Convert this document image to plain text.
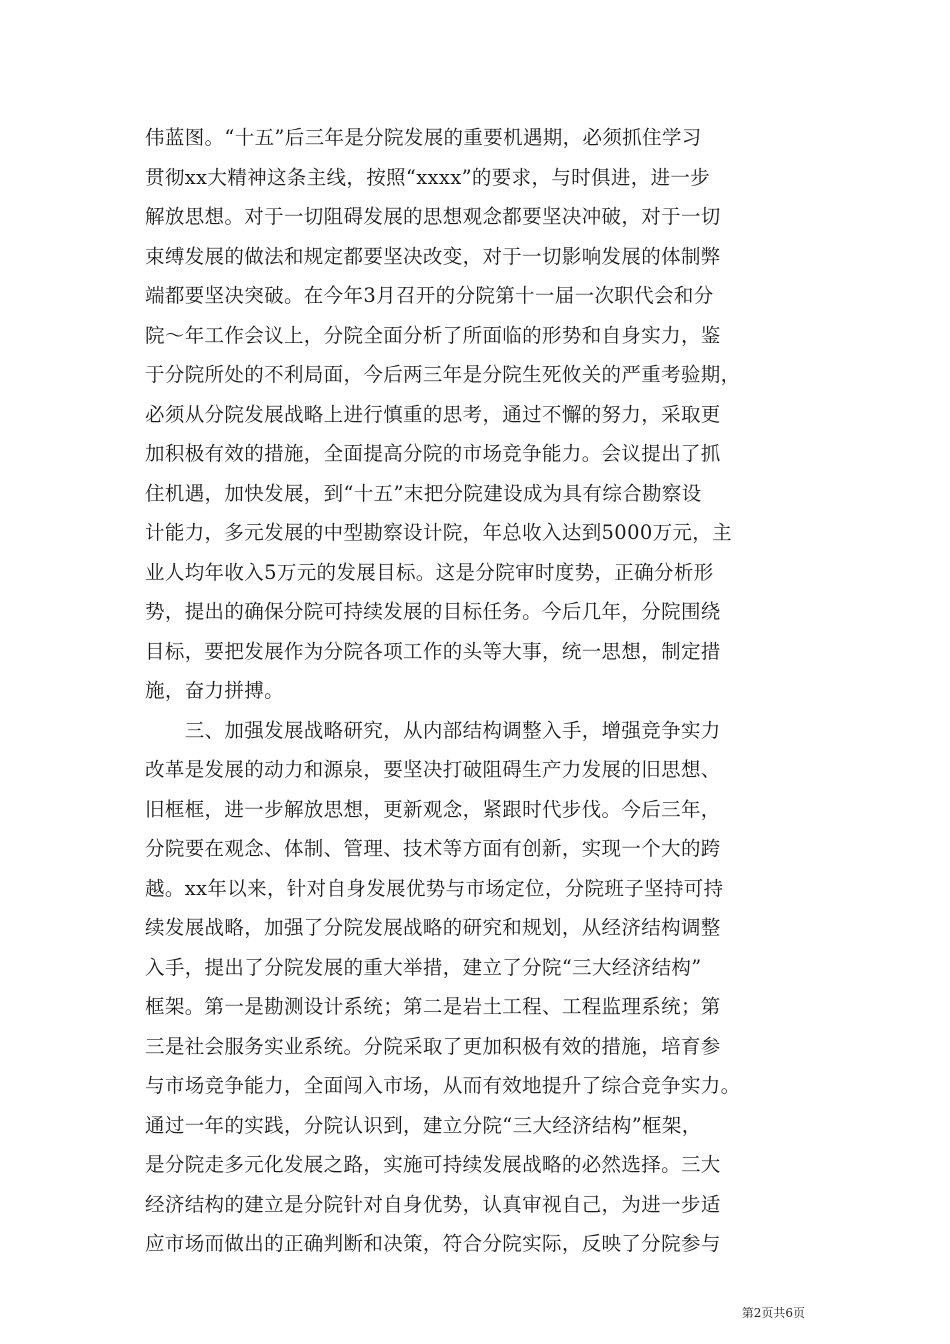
伟蓝图。“十五”后三年是分院发展的重要机遇期，必须抓住学习
贯彻xx大精神这条主线，按照“xxxx”的要求，与时俱进，进一步
解放思想。对于一切阻碍发展的思想观念都要坚决冲破，对于一切
束缚发展的做法和规定都要坚决改变，对于一切影响发展的体制弊
端都要坚决突破。在今年3月召开的分院第十一届一次职代会和分
院～年工作会议上，分院全面分析了所面临的形势和自身实力，鉴
于分院所处的不利局面，今后两三年是分院生死攸关的严重考验期，
必须从分院发展战略上进行慎重的思考，通过不懈的努力，采取更
加积极有效的措施，全面提高分院的市场竞争能力。会议提出了抓
住机遇，加快发展，到“十五”末把分院建设成为具有综合勘察设
计能力，多元发展的中型勘察设计院，年总收入达到5000万元，主
业人均年收入5万元的发展目标。这是分院审时度势，正确分析形
势，提出的确保分院可持续发展的目标任务。今后几年，分院围绕
目标，要把发展作为分院各项工作的头等大事，统一思想，制定措
施，奋力拼搏。
　　三、加强发展战略研究，从内部结构调整入手，增强竞争实力
改革是发展的动力和源泉，要坚决打破阻碍生产力发展的旧思想、
旧框框，进一步解放思想，更新观念，紧跟时代步伐。今后三年，
分院要在观念、体制、管理、技术等方面有创新，实现一个大的跨
越。xx年以来，针对自身发展优势与市场定位，分院班子坚持可持
续发展战略，加强了分院发展战略的研究和规划，从经济结构调整
入手，提出了分院发展的重大举措，建立了分院“三大经济结构”
框架。第一是勘测设计系统；第二是岩土工程、工程监理系统；第
三是社会服务实业系统。分院采取了更加积极有效的措施，培育参
与市场竞争能力，全面闯入市场，从而有效地提升了综合竞争实力。
通过一年的实践，分院认识到，建立分院“三大经济结构”框架，
是分院走多元化发展之路，实施可持续发展战略的必然选择。三大
经济结构的建立是分院针对自身优势，认真审视自己，为进一步适
应市场而做出的正确判断和决策，符合分院实际，反映了分院参与
第2页共6页
